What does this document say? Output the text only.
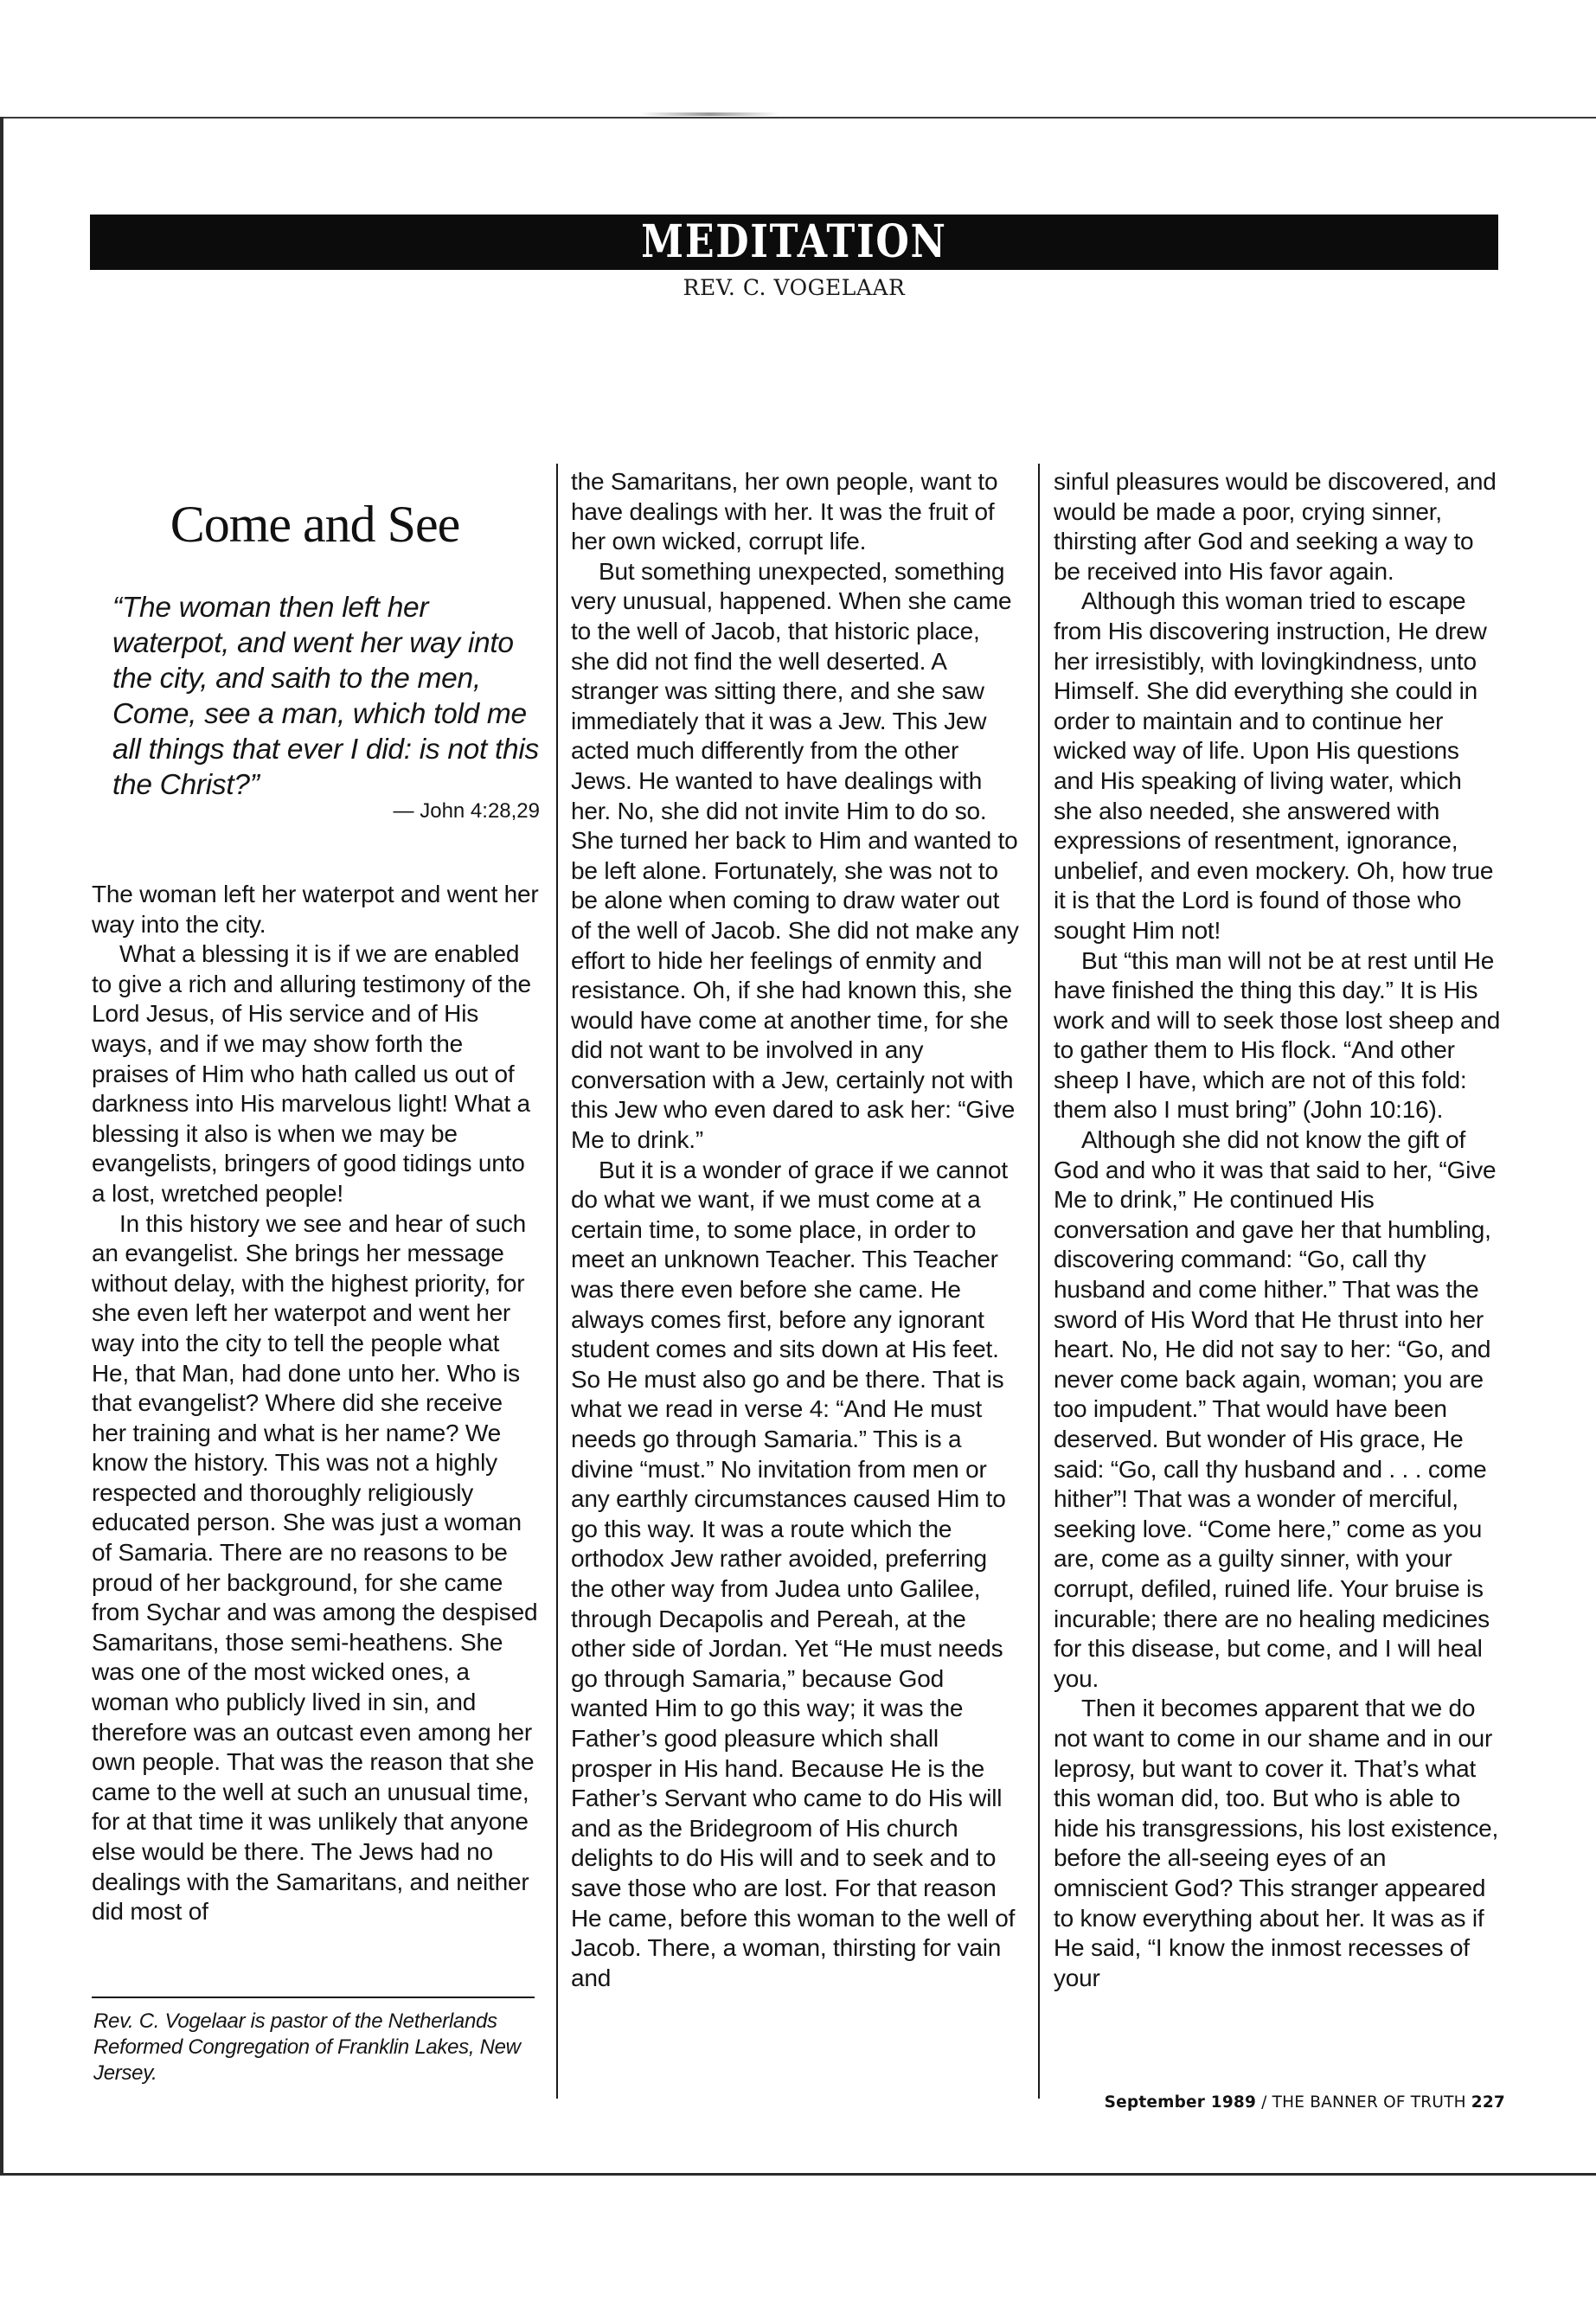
MEDITATION
REV. C. VOGELAAR
Come and See
“The woman then left her waterpot, and went her way into the city, and saith to the men, Come, see a man, which told me all things that ever I did: is not this the Christ?”
— John 4:28,29

The woman left her waterpot and went her way into the city.

What a blessing it is if we are enabled to give a rich and alluring testimony of the Lord Jesus, of His service and of His ways, and if we may show forth the praises of Him who hath called us out of darkness into His marvelous light! What a blessing it also is when we may be evangelists, bringers of good tidings unto a lost, wretched people!

In this history we see and hear of such an evangelist. She brings her message without delay, with the highest priority, for she even left her waterpot and went her way into the city to tell the people what He, that Man, had done unto her. Who is that evangelist? Where did she receive her training and what is her name? We know the history. This was not a highly respected and thoroughly religiously educated person. She was just a woman of Samaria. There are no reasons to be proud of her background, for she came from Sychar and was among the despised Samaritans, those semi-heathens. She was one of the most wicked ones, a woman who publicly lived in sin, and therefore was an outcast even among her own people. That was the reason that she came to the well at such an unusual time, for at that time it was unlikely that anyone else would be there. The Jews had no dealings with the Samaritans, and neither did most of

the Samaritans, her own people, want to have dealings with her. It was the fruit of her own wicked, corrupt life.

But something unexpected, something very unusual, happened. When she came to the well of Jacob, that historic place, she did not find the well deserted. A stranger was sitting there, and she saw immediately that it was a Jew. This Jew acted much differently from the other Jews. He wanted to have dealings with her. No, she did not invite Him to do so. She turned her back to Him and wanted to be left alone. Fortunately, she was not to be alone when coming to draw water out of the well of Jacob. She did not make any effort to hide her feelings of enmity and resistance. Oh, if she had known this, she would have come at another time, for she did not want to be involved in any conversation with a Jew, certainly not with this Jew who even dared to ask her: “Give Me to drink.”

But it is a wonder of grace if we cannot do what we want, if we must come at a certain time, to some place, in order to meet an unknown Teacher. This Teacher was there even before she came. He always comes first, before any ignorant student comes and sits down at His feet. So He must also go and be there. That is what we read in verse 4: “And He must needs go through Samaria.” This is a divine “must.” No invitation from men or any earthly circumstances caused Him to go this way. It was a route which the orthodox Jew rather avoided, preferring the other way from Judea unto Galilee, through Decapolis and Pereah, at the other side of Jordan. Yet “He must needs go through Samaria,” because God wanted Him to go this way; it was the Father’s good pleasure which shall prosper in His hand. Because He is the Father’s Servant who came to do His will and as the Bridegroom of His church delights to do His will and to seek and to save those who are lost. For that reason He came, before this woman to the well of Jacob. There, a woman, thirsting for vain and

sinful pleasures would be discovered, and would be made a poor, crying sinner, thirsting after God and seeking a way to be received into His favor again.

Although this woman tried to escape from His discovering instruction, He drew her irresistibly, with lovingkindness, unto Himself. She did everything she could in order to maintain and to continue her wicked way of life. Upon His questions and His speaking of living water, which she also needed, she answered with expressions of resentment, ignorance, unbelief, and even mockery. Oh, how true it is that the Lord is found of those who sought Him not!

But “this man will not be at rest until He have finished the thing this day.” It is His work and will to seek those lost sheep and to gather them to His flock. “And other sheep I have, which are not of this fold: them also I must bring” (John 10:16).

Although she did not know the gift of God and who it was that said to her, “Give Me to drink,” He continued His conversation and gave her that humbling, discovering command: “Go, call thy husband and come hither.” That was the sword of His Word that He thrust into her heart. No, He did not say to her: “Go, and never come back again, woman; you are too impudent.” That would have been deserved. But wonder of His grace, He said: “Go, call thy husband and . . . come hither”! That was a wonder of merciful, seeking love. “Come here,” come as you are, come as a guilty sinner, with your corrupt, defiled, ruined life. Your bruise is incurable; there are no healing medicines for this disease, but come, and I will heal you.

Then it becomes apparent that we do not want to come in our shame and in our leprosy, but want to cover it. That’s what this woman did, too. But who is able to hide his transgressions, his lost existence, before the all-seeing eyes of an omniscient God? This stranger appeared to know everything about her. It was as if He said, “I know the inmost recesses of your

Rev. C. Vogelaar is pastor of the Netherlands Reformed Congregation of Franklin Lakes, New Jersey.
September 1989 / THE BANNER OF TRUTH 227
